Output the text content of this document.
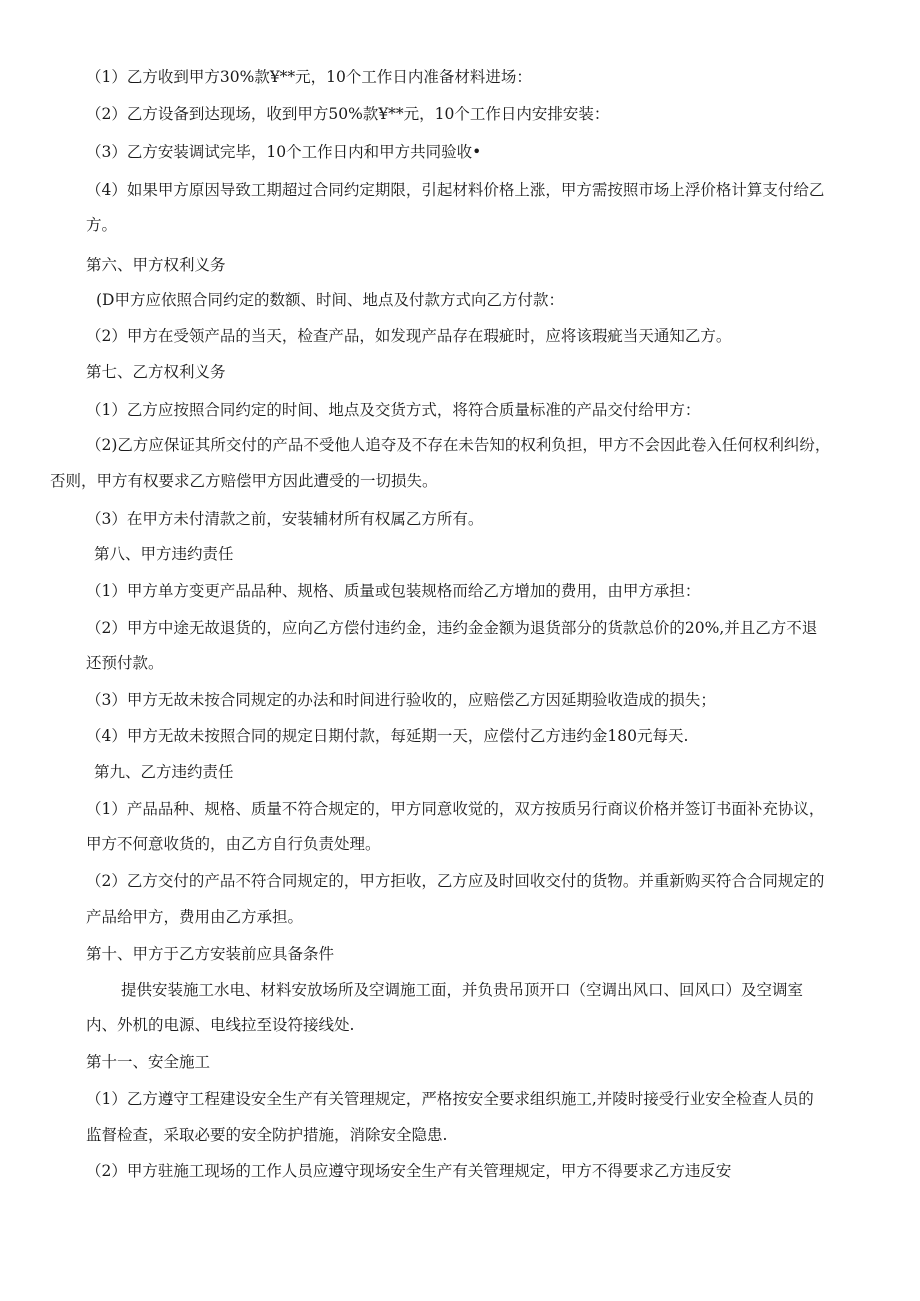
（1）乙方收到甲方30%款¥**元，10个工作日内准备材料进场：
（2）乙方设备到达现场，收到甲方50%款¥**元，10个工作日内安排安装：
（3）乙方安装调试完毕，10个工作日内和甲方共同验收•
（4）如果甲方原因导致工期超过合同约定期限，引起材料价格上涨，甲方需按照市场上浮价格计算支付给乙
方。
第六、甲方权利义务
(D甲方应依照合同约定的数额、时间、地点及付款方式向乙方付款：
（2）甲方在受领产品的当天，检查产品，如发现产品存在瑕疵时，应将该瑕疵当天通知乙方。
第七、乙方权利义务
（1）乙方应按照合同约定的时间、地点及交货方式，将符合质量标准的产品交付给甲方：
（2)乙方应保证其所交付的产品不受他人追夺及不存在未告知的权利负担，甲方不会因此卷入任何权利纠纷，
否则，甲方有权要求乙方赔偿甲方因此遭受的一切损失。
（3）在甲方未付清款之前，安装辅材所有权属乙方所有。
第八、甲方违约责任
（1）甲方单方变更产品品种、规格、质量或包装规格而给乙方增加的费用，由甲方承担：
（2）甲方中途无故退货的，应向乙方偿付违约金，违约金金额为退货部分的货款总价的20%,并且乙方不退
还预付款。
（3）甲方无故未按合同规定的办法和时间进行验收的，应赔偿乙方因延期验收造成的损失；
（4）甲方无故未按照合同的规定日期付款，每延期一天，应偿付乙方违约金180元每天.
第九、乙方违约责任
（1）产品品种、规格、质量不符合规定的，甲方同意收觉的，双方按质另行商议价格并签订书面补充协议，
甲方不何意收货的，由乙方自行负责处理。
（2）乙方交付的产品不符合同规定的，甲方拒收，乙方应及时回收交付的货物。并重新购买符合合同规定的
产品给甲方，费用由乙方承担。
第十、甲方于乙方安装前应具备条件
提供安装施工水电、材料安放场所及空调施工面，并负贵吊顶开口（空调出风口、回风口）及空调室
内、外机的电源、电线拉至设符接线处.
第十一、安全施工
（1）乙方遵守工程建设安全生产有关管理规定，严格按安全要求组织施工,并陵时接受行业安全检查人员的
监督检查，采取必要的安全防护措施，消除安全隐患.
（2）甲方驻施工现场的工作人员应遵守现场安全生产有关管理规定，甲方不得要求乙方违反安
